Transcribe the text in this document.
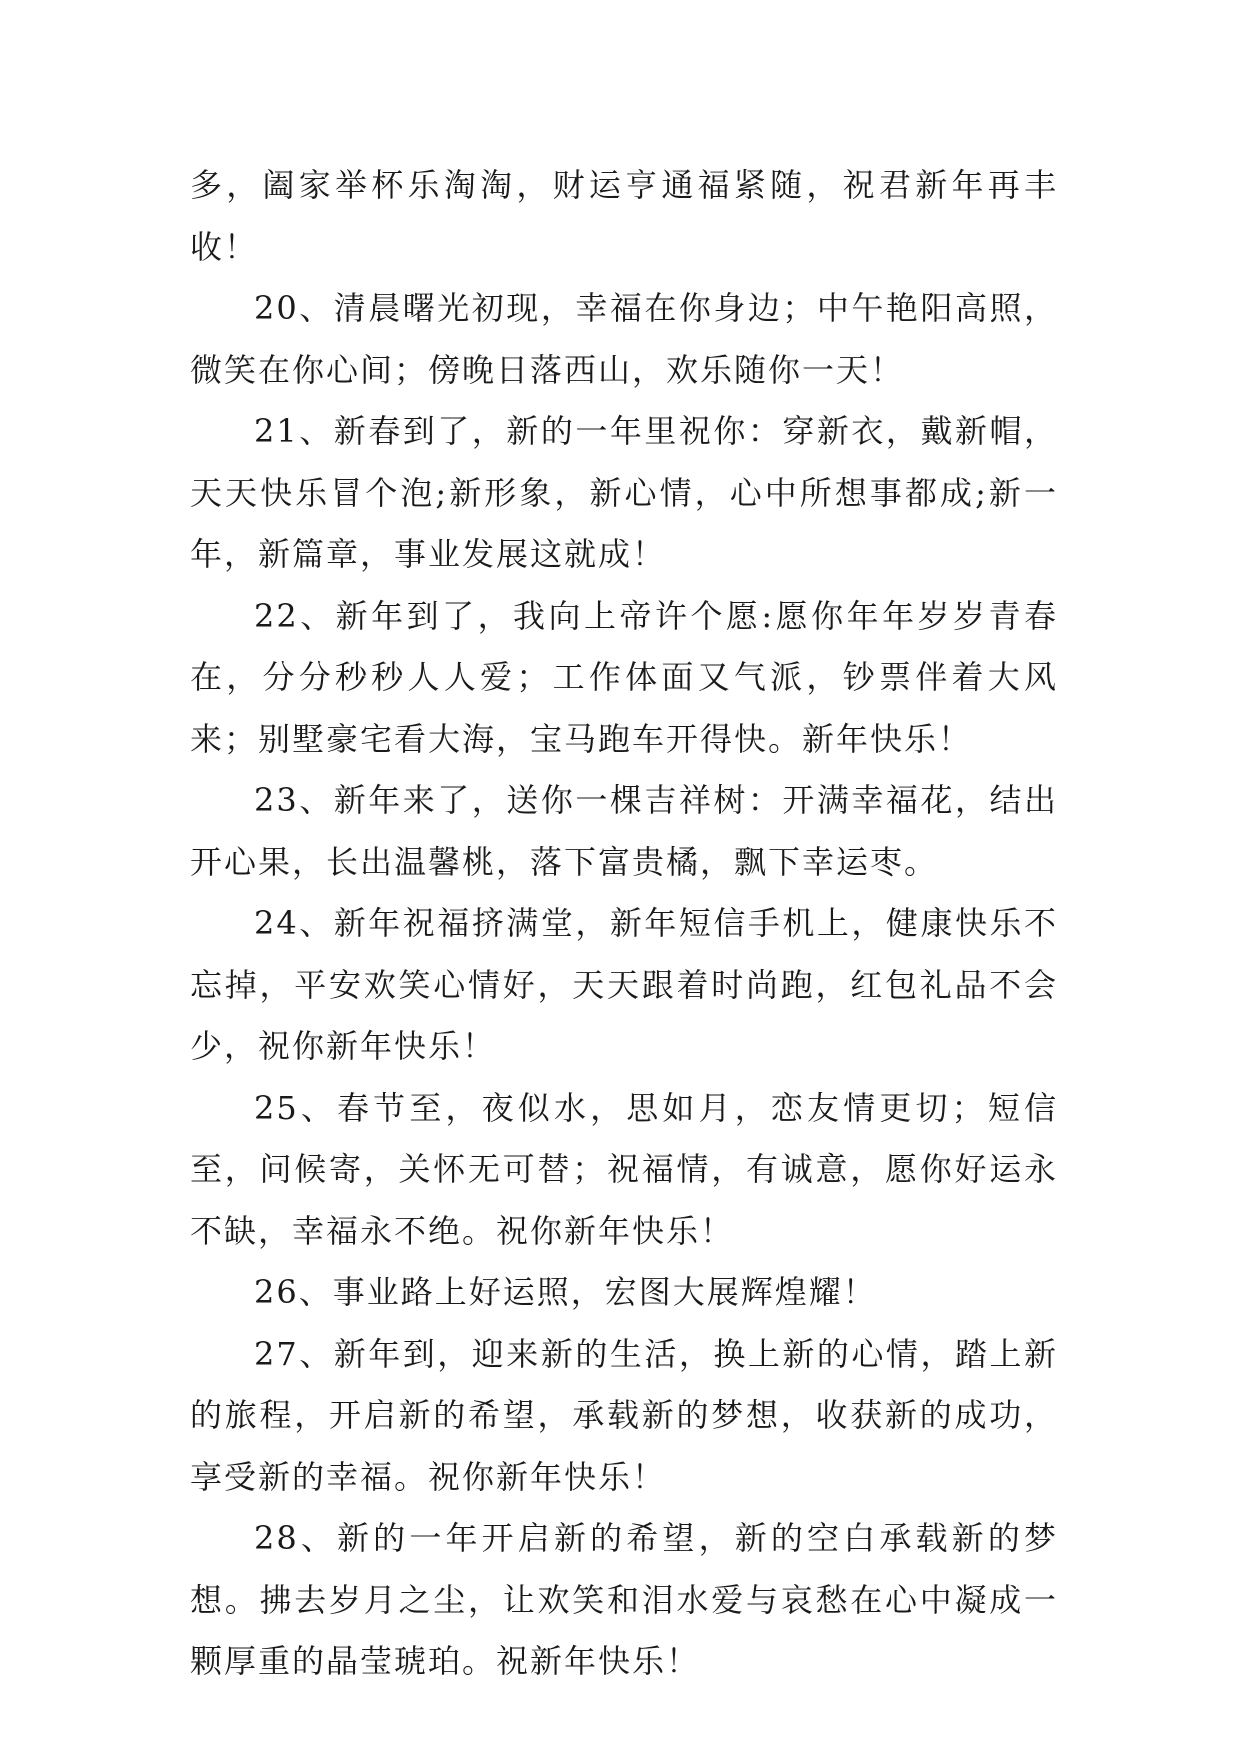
多，阖家举杯乐淘淘，财运亨通福紧随，祝君新年再丰收！

20、清晨曙光初现，幸福在你身边；中午艳阳高照，微笑在你心间；傍晚日落西山，欢乐随你一天！

21、新春到了，新的一年里祝你：穿新衣，戴新帽，天天快乐冒个泡;新形象，新心情，心中所想事都成;新一年，新篇章，事业发展这就成！

22、新年到了，我向上帝许个愿:愿你年年岁岁青春在，分分秒秒人人爱；工作体面又气派，钞票伴着大风来；别墅豪宅看大海，宝马跑车开得快。新年快乐！

23、新年来了，送你一棵吉祥树：开满幸福花，结出开心果，长出温馨桃，落下富贵橘，飘下幸运枣。

24、新年祝福挤满堂，新年短信手机上，健康快乐不忘掉，平安欢笑心情好，天天跟着时尚跑，红包礼品不会少，祝你新年快乐！

25、春节至，夜似水，思如月，恋友情更切；短信至，问候寄，关怀无可替；祝福情，有诚意，愿你好运永不缺，幸福永不绝。祝你新年快乐！

26、事业路上好运照，宏图大展辉煌耀！

27、新年到，迎来新的生活，换上新的心情，踏上新的旅程，开启新的希望，承载新的梦想，收获新的成功，享受新的幸福。祝你新年快乐！

28、新的一年开启新的希望，新的空白承载新的梦想。拂去岁月之尘，让欢笑和泪水爱与哀愁在心中凝成一颗厚重的晶莹琥珀。祝新年快乐！
